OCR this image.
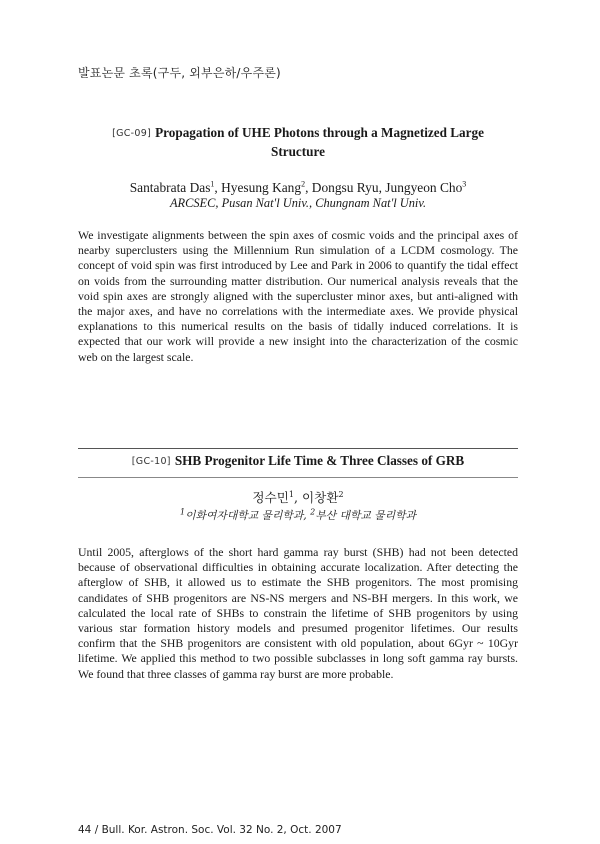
발표논문 초록(구두, 외부은하/우주론)
[GC-09] Propagation of UHE Photons through a Magnetized Large
Structure
Santabrata Das$^1$, Hyesung Kang$^2$, Dongsu Ryu, Jungyeon Cho$^3$
ARCSEC, Pusan Nat'l Univ., Chungnam Nat'l Univ.
We investigate alignments between the spin axes of cosmic voids and the principal axes of nearby superclusters using the Millennium Run simulation of a LCDM cosmology. The concept of void spin was first introduced by Lee and Park in 2006 to quantify the tidal effect on voids from the surrounding matter distribution. Our numerical analysis reveals that the void spin axes are strongly aligned with the supercluster minor axes, but anti-aligned with the major axes, and have no correlations with the intermediate axes. We provide physical explanations to this numerical results on the basis of tidally induced correlations. It is expected that our work will provide a new insight into the characterization of the cosmic web on the largest scale.
[GC-10] SHB Progenitor Life Time & Three Classes of GRB
정수민$^1$, 이창환$^2$
$^1$이화여자대학교 물리학과, $^2$부산 대학교 물리학과
Until 2005, afterglows of the short hard gamma ray burst (SHB) had not been detected because of observational difficulties in obtaining accurate localization. After detecting the afterglow of SHB, it allowed us to estimate the SHB progenitors. The most promising candidates of SHB progenitors are NS-NS mergers and NS-BH mergers. In this work, we calculated the local rate of SHBs to constrain the lifetime of SHB progenitors by using various star formation history models and presumed progenitor lifetimes. Our results confirm that the SHB progenitors are consistent with old population, about 6Gyr ~ 10Gyr lifetime. We applied this method to two possible subclasses in long soft gamma ray bursts. We found that three classes of gamma ray burst are more probable.
44 / Bull. Kor. Astron. Soc. Vol. 32 No. 2, Oct. 2007
